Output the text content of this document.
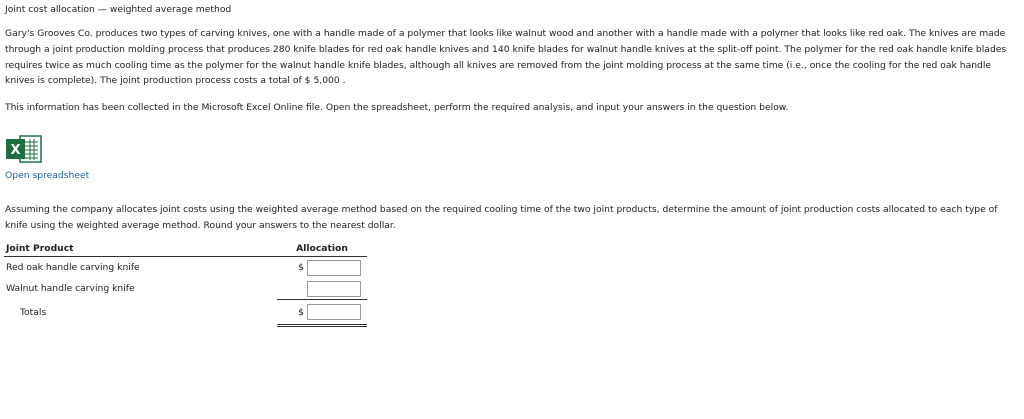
Joint cost allocation — weighted average method

Gary's Grooves Co. produces two types of carving knives, one with a handle made of a polymer that looks like walnut wood and another with a handle made with a polymer that looks like red oak. The knives are made through a joint production molding process that produces 280 knife blades for red oak handle knives and 140 knife blades for walnut handle knives at the split-off point. The polymer for the red oak handle knife blades requires twice as much cooling time as the polymer for the walnut handle knife blades, although all knives are removed from the joint molding process at the same time (i.e., once the cooling for the red oak handle knives is complete). The joint production process costs a total of $ 5,000 .

This information has been collected in the Microsoft Excel Online file. Open the spreadsheet, perform the required analysis, and input your answers in the question below.

X
Open spreadsheet

Assuming the company allocates joint costs using the weighted average method based on the required cooling time of the two joint products, determine the amount of joint production costs allocated to each type of knife using the weighted average method. Round your answers to the nearest dollar.

Joint Product	Allocation
Red oak handle carving knife	$

Walnut handle carving knife	

Totals	$
